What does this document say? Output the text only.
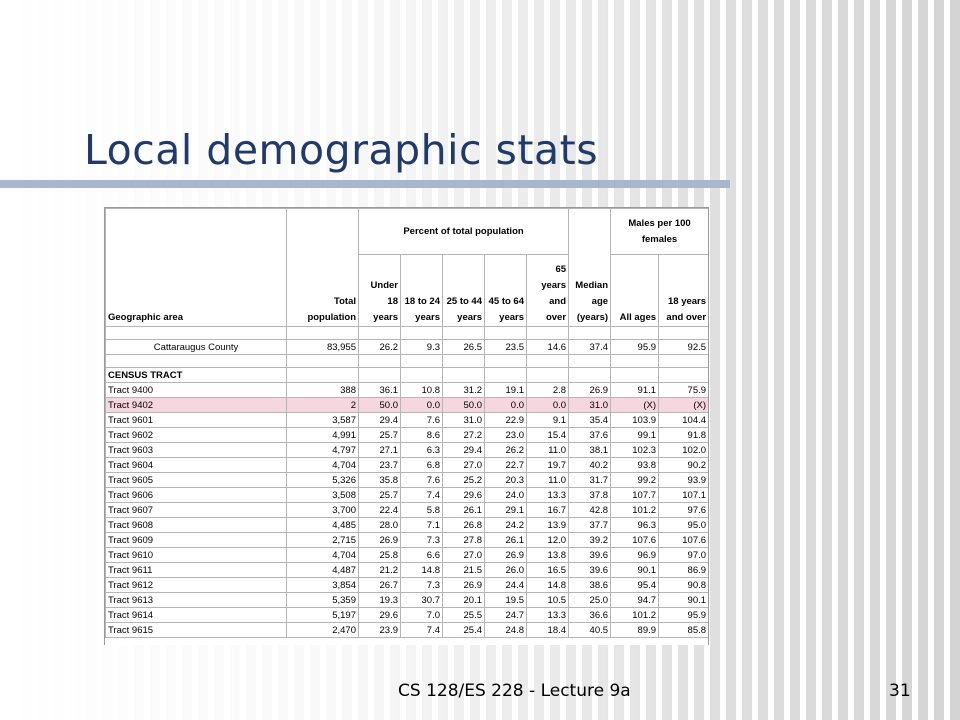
Local demographic stats
Geographic area	Total population	Percent of total population					Median age (years)	Males per 100 females	
		Under 18 years	18 to 24 years	25 to 44 years	45 to 64 years	65 years and over		All ages	18 years and over

Cattaraugus County	83,955	26.2	9.3	26.5	23.5	14.6	37.4	95.9	92.5

CENSUS TRACT									
Tract 9400	388	36.1	10.8	31.2	19.1	2.8	26.9	91.1	75.9
Tract 9402	2	50.0	0.0	50.0	0.0	0.0	31.0	(X)	(X)
Tract 9601	3,587	29.4	7.6	31.0	22.9	9.1	35.4	103.9	104.4
Tract 9602	4,991	25.7	8.6	27.2	23.0	15.4	37.6	99.1	91.8
Tract 9603	4,797	27.1	6.3	29.4	26.2	11.0	38.1	102.3	102.0
Tract 9604	4,704	23.7	6.8	27.0	22.7	19.7	40.2	93.8	90.2
Tract 9605	5,326	35.8	7.6	25.2	20.3	11.0	31.7	99.2	93.9
Tract 9606	3,508	25.7	7.4	29.6	24.0	13.3	37.8	107.7	107.1
Tract 9607	3,700	22.4	5.8	26.1	29.1	16.7	42.8	101.2	97.6
Tract 9608	4,485	28.0	7.1	26.8	24.2	13.9	37.7	96.3	95.0
Tract 9609	2,715	26.9	7.3	27.8	26.1	12.0	39.2	107.6	107.6
Tract 9610	4,704	25.8	6.6	27.0	26.9	13.8	39.6	96.9	97.0
Tract 9611	4,487	21.2	14.8	21.5	26.0	16.5	39.6	90.1	86.9
Tract 9612	3,854	26.7	7.3	26.9	24.4	14.8	38.6	95.4	90.8
Tract 9613	5,359	19.3	30.7	20.1	19.5	10.5	25.0	94.7	90.1
Tract 9614	5,197	29.6	7.0	25.5	24.7	13.3	36.6	101.2	95.9
Tract 9615	2,470	23.9	7.4	25.4	24.8	18.4	40.5	89.9	85.8
CS 128/ES 228 - Lecture 9a	31
